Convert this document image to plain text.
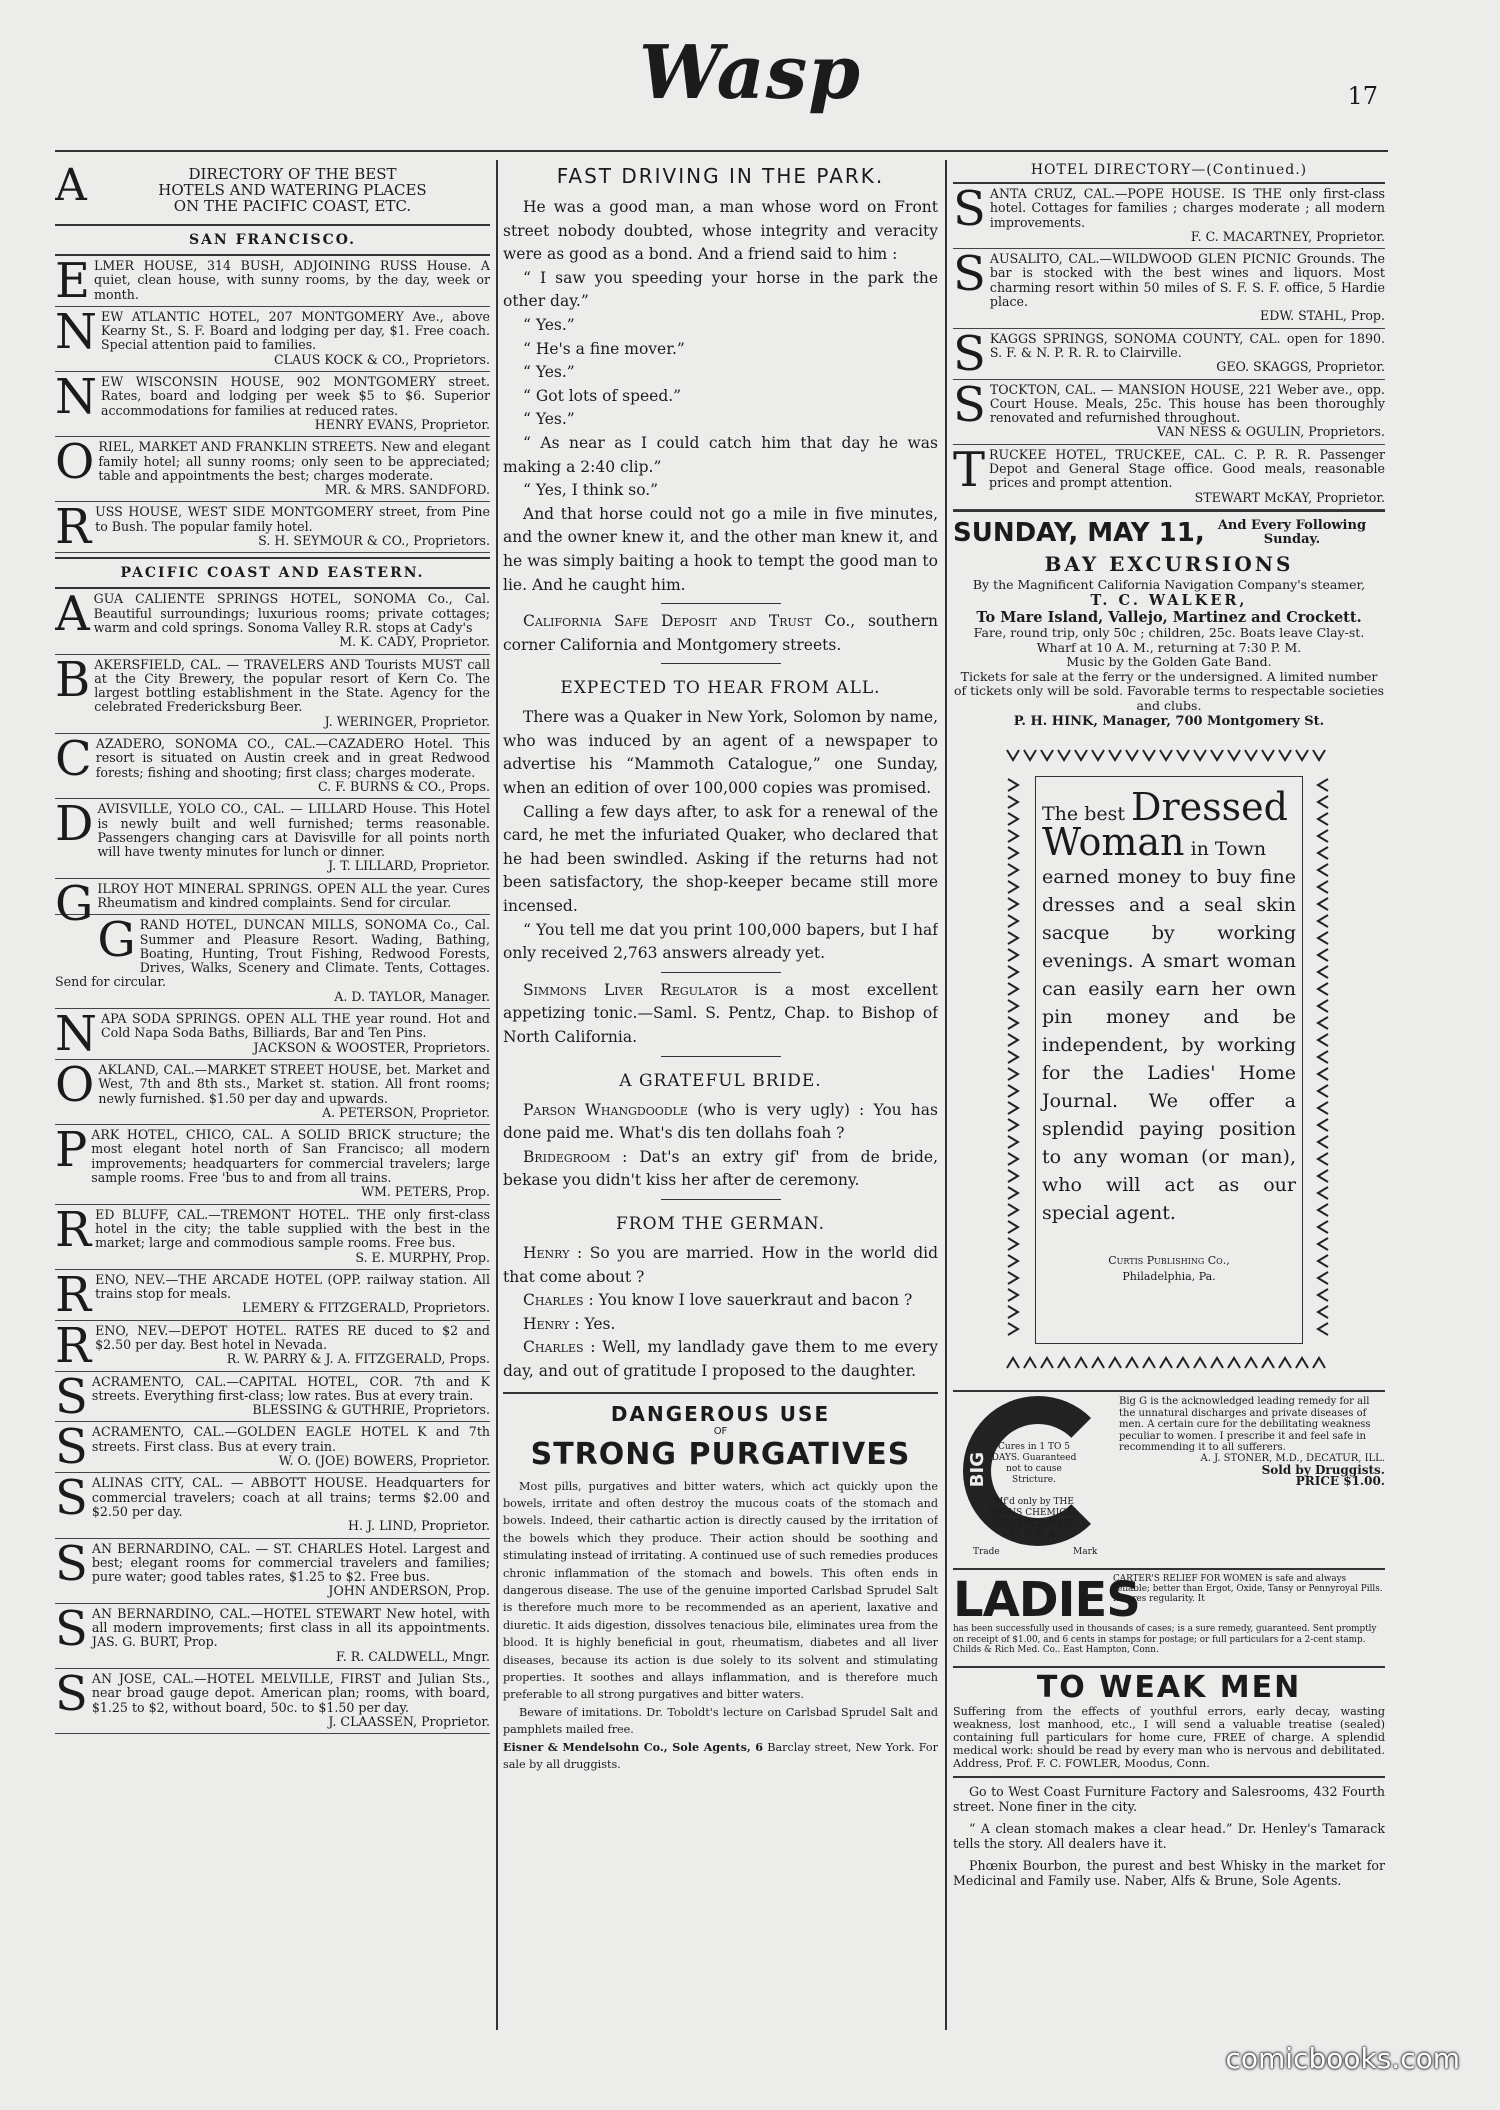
Wasp	17
A	DIRECTORY OF THE BEST
HOTELS AND WATERING PLACES
ON THE PACIFIC COAST, ETC.
SAN FRANCISCO.
ELMER HOUSE, 314 BUSH, ADJOINING RUSS House. A quiet, clean house, with sunny rooms, by the day, week or month.
NEW ATLANTIC HOTEL, 207 MONTGOMERY Ave., above Kearny St., S. F. Board and lodging per day, $1. Free coach. Special attention paid to families.
CLAUS KOCK & CO., Proprietors.
NEW WISCONSIN HOUSE, 902 MONTGOMERY street. Rates, board and lodging per week $5 to $6. Superior accommodations for families at reduced rates.
HENRY EVANS, Proprietor.
ORIEL, MARKET AND FRANKLIN STREETS. New and elegant family hotel; all sunny rooms; only seen to be appreciated; table and appointments the best; charges moderate.
MR. & MRS. SANDFORD.
RUSS HOUSE, WEST SIDE MONTGOMERY street, from Pine to Bush. The popular family hotel.
S. H. SEYMOUR & CO., Proprietors.
PACIFIC COAST AND EASTERN.
AGUA CALIENTE SPRINGS HOTEL, SONOMA Co., Cal. Beautiful surroundings; luxurious rooms; private cottages; warm and cold springs. Sonoma Valley R.R. stops at Cady's
M. K. CADY, Proprietor.
BAKERSFIELD, CAL. — TRAVELERS AND Tourists MUST call at the City Brewery, the popular resort of Kern Co. The largest bottling establishment in the State. Agency for the celebrated Fredericksburg Beer.
J. WERINGER, Proprietor.
CAZADERO, SONOMA CO., CAL.—CAZADERO Hotel. This resort is situated on Austin creek and in great Redwood forests; fishing and shooting; first class; charges moderate.
C. F. BURNS & CO., Props.
DAVISVILLE, YOLO CO., CAL. — LILLARD House. This Hotel is newly built and well furnished; terms reasonable. Passengers changing cars at Davisville for all points north will have twenty minutes for lunch or dinner.
J. T. LILLARD, Proprietor.
GILROY HOT MINERAL SPRINGS. OPEN ALL the year. Cures Rheumatism and kindred complaints. Send for circular.
GRAND HOTEL, DUNCAN MILLS, SONOMA Co., Cal. Summer and Pleasure Resort. Wading, Bathing, Boating, Hunting, Trout Fishing, Redwood Forests, Drives, Walks, Scenery and Climate. Tents, Cottages. Send for circular.
A. D. TAYLOR, Manager.
NAPA SODA SPRINGS. OPEN ALL THE year round. Hot and Cold Napa Soda Baths, Billiards, Bar and Ten Pins.
JACKSON & WOOSTER, Proprietors.
OAKLAND, CAL.—MARKET STREET HOUSE, bet. Market and West, 7th and 8th sts., Market st. station. All front rooms; newly furnished. $1.50 per day and upwards.
A. PETERSON, Proprietor.
PARK HOTEL, CHICO, CAL. A SOLID BRICK structure; the most elegant hotel north of San Francisco; all modern improvements; headquarters for commercial travelers; large sample rooms. Free 'bus to and from all trains.
WM. PETERS, Prop.
RED BLUFF, CAL.—TREMONT HOTEL. THE only first-class hotel in the city; the table supplied with the best in the market; large and commodious sample rooms. Free bus.
S. E. MURPHY, Prop.
RENO, NEV.—THE ARCADE HOTEL (OPP. railway station. All trains stop for meals.
LEMERY & FITZGERALD, Proprietors.
RENO, NEV.—DEPOT HOTEL. RATES RE duced to $2 and $2.50 per day. Best hotel in Nevada.
R. W. PARRY & J. A. FITZGERALD, Props.
SACRAMENTO, CAL.—CAPITAL HOTEL, COR. 7th and K streets. Everything first-class; low rates. Bus at every train.
BLESSING & GUTHRIE, Proprietors.
SACRAMENTO, CAL.—GOLDEN EAGLE HOTEL K and 7th streets. First class. Bus at every train.
W. O. (JOE) BOWERS, Proprietor.
SALINAS CITY, CAL. — ABBOTT HOUSE. Headquarters for commercial travelers; coach at all trains; terms $2.00 and $2.50 per day.
H. J. LIND, Proprietor.
SAN BERNARDINO, CAL. — ST. CHARLES Hotel. Largest and best; elegant rooms for commercial travelers and families; pure water; good tables rates, $1.25 to $2. Free bus.
JOHN ANDERSON, Prop.
SAN BERNARDINO, CAL.—HOTEL STEWART New hotel, with all modern improvements; first class in all its appointments. JAS. G. BURT, Prop.
F. R. CALDWELL, Mngr.
SAN JOSE, CAL.—HOTEL MELVILLE, FIRST and Julian Sts., near broad gauge depot. American plan; rooms, with board, $1.25 to $2, without board, 50c. to $1.50 per day.
J. CLAASSEN, Proprietor.
FAST DRIVING IN THE PARK.

He was a good man, a man whose word on Front street nobody doubted, whose integrity and veracity were as good as a bond. And a friend said to him :

“ I saw you speeding your horse in the park the other day.”

“ Yes.”

“ He's a fine mover.”

“ Yes.”

“ Got lots of speed.”

“ Yes.”

“ As near as I could catch him that day he was making a 2:40 clip.”

“ Yes, I think so.”

And that horse could not go a mile in five minutes, and the owner knew it, and the other man knew it, and he was simply baiting a hook to tempt the good man to lie. And he caught him.

California Safe Deposit and Trust Co., southern corner California and Montgomery streets.

EXPECTED TO HEAR FROM ALL.

There was a Quaker in New York, Solomon by name, who was induced by an agent of a newspaper to advertise his “Mammoth Catalogue,” one Sunday, when an edition of over 100,000 copies was promised.

Calling a few days after, to ask for a renewal of the card, he met the infuriated Quaker, who declared that he had been swindled. Asking if the returns had not been satisfactory, the shop-keeper became still more incensed.

“ You tell me dat you print 100,000 bapers, but I haf only received 2,763 answers already yet.

Simmons Liver Regulator is a most excellent appetizing tonic.—Saml. S. Pentz, Chap. to Bishop of North California.

A GRATEFUL BRIDE.

Parson Whangdoodle (who is very ugly) : You has done paid me. What's dis ten dollahs foah ?

Bridegroom : Dat's an extry gif' from de bride, bekase you didn't kiss her after de ceremony.

FROM THE GERMAN.

Henry : So you are married. How in the world did that come about ?

Charles : You know I love sauerkraut and bacon ?

Henry : Yes.

Charles : Well, my landlady gave them to me every day, and out of gratitude I proposed to the daughter.

DANGEROUS USE
OF
STRONG PURGATIVES

Most pills, purgatives and bitter waters, which act quickly upon the bowels, irritate and often destroy the mucous coats of the stomach and bowels. Indeed, their cathartic action is directly caused by the irritation of the bowels which they produce. Their action should be soothing and stimulating instead of irritating. A continued use of such remedies produces chronic inflammation of the stomach and bowels. This often ends in dangerous disease. The use of the genuine imported Carlsbad Sprudel Salt is therefore much more to be recommended as an aperient, laxative and diuretic. It aids digestion, dissolves tenacious bile, eliminates urea from the blood. It is highly beneficial in gout, rheumatism, diabetes and all liver diseases, because its action is due solely to its solvent and stimulating properties. It soothes and allays inflammation, and is therefore much preferable to all strong purgatives and bitter waters.

Beware of imitations. Dr. Toboldt's lecture on Carlsbad Sprudel Salt and pamphlets mailed free.

Eisner & Mendelsohn Co., Sole Agents, 6 Barclay street, New York. For sale by all druggists.

HOTEL DIRECTORY—(Continued.)
SANTA CRUZ, CAL.—POPE HOUSE. IS THE only first-class hotel. Cottages for families ; charges moderate ; all modern improvements.
F. C. MACARTNEY, Proprietor.
SAUSALITO, CAL.—WILDWOOD GLEN PICNIC Grounds. The bar is stocked with the best wines and liquors. Most charming resort within 50 miles of S. F. S. F. office, 5 Hardie place.
EDW. STAHL, Prop.
SKAGGS SPRINGS, SONOMA COUNTY, CAL. open for 1890. S. F. & N. P. R. R. to Clairville.
GEO. SKAGGS, Proprietor.
STOCKTON, CAL. — MANSION HOUSE, 221 Weber ave., opp. Court House. Meals, 25c. This house has been thoroughly renovated and refurnished throughout.
VAN NESS & OGULIN, Proprietors.
TRUCKEE HOTEL, TRUCKEE, CAL. C. P. R. R. Passenger Depot and General Stage office. Good meals, reasonable prices and prompt attention.
STEWART McKAY, Proprietor.
SUNDAY, MAY 11, And Every Following
Sunday.
BAY EXCURSIONS
By the Magnificent California Navigation Company's steamer,
T. C. WALKER,
To Mare Island, Vallejo, Martinez and Crockett.
Fare, round trip, only 50c ; children, 25c. Boats leave Clay-st. Wharf at 10 A. M., returning at 7:30 P. M.
Music by the Golden Gate Band.
Tickets for sale at the ferry or the undersigned. A limited number of tickets only will be sold. Favorable terms to respectable societies and clubs.
P. H. HINK, Manager, 700 Montgomery St.
The best Dressed
Woman in Town
earned money to buy fine dresses and a seal skin sacque by working evenings. A smart woman can easily earn her own pin money and be independent, by working for the Ladies' Home Journal. We offer a splendid paying position to any woman (or man), who will act as our special agent.
Curtis Publishing Co.,
Philadelphia, Pa.
BIG
Cures in 1 TO 5 DAYS. Guaranteed not to cause Stricture.

Mf'd only by THE EVANS CHEMICAL CO. CINCINNATI, O. U. S. A.
Big G is the acknowledged leading remedy for all the unnatural discharges and private diseases of men. A certain cure for the debilitating weakness peculiar to women. I prescribe it and feel safe in recommending it to all sufferers.

A. J. STONER, M.D., DECATUR, ILL.
Sold by Druggists.
PRICE $1.00.
Trade	Mark
LADIES
CARTER'S RELIEF FOR WOMEN is safe and always reliable; better than Ergot, Oxide, Tansy or Pennyroyal Pills. Insures regularity. It
has been successfully used in thousands of cases; is a sure remedy, guaranteed. Sent promptly on receipt of $1.00, and 6 cents in stamps for postage; or full particulars for a 2-cent stamp. Childs & Rich Med. Co.. East Hampton, Conn.
TO WEAK MEN
Suffering from the effects of youthful errors, early decay, wasting weakness, lost manhood, etc., I will send a valuable treatise (sealed) containing full particulars for home cure, FREE of charge. A splendid medical work: should be read by every man who is nervous and debilitated. Address, Prof. F. C. FOWLER, Moodus, Conn.

Go to West Coast Furniture Factory and Salesrooms, 432 Fourth street. None finer in the city.

“ A clean stomach makes a clear head.” Dr. Henley's Tamarack tells the story. All dealers have it.

Phœnix Bourbon, the purest and best Whisky in the market for Medicinal and Family use. Naber, Alfs & Brune, Sole Agents.

comicbooks.com
